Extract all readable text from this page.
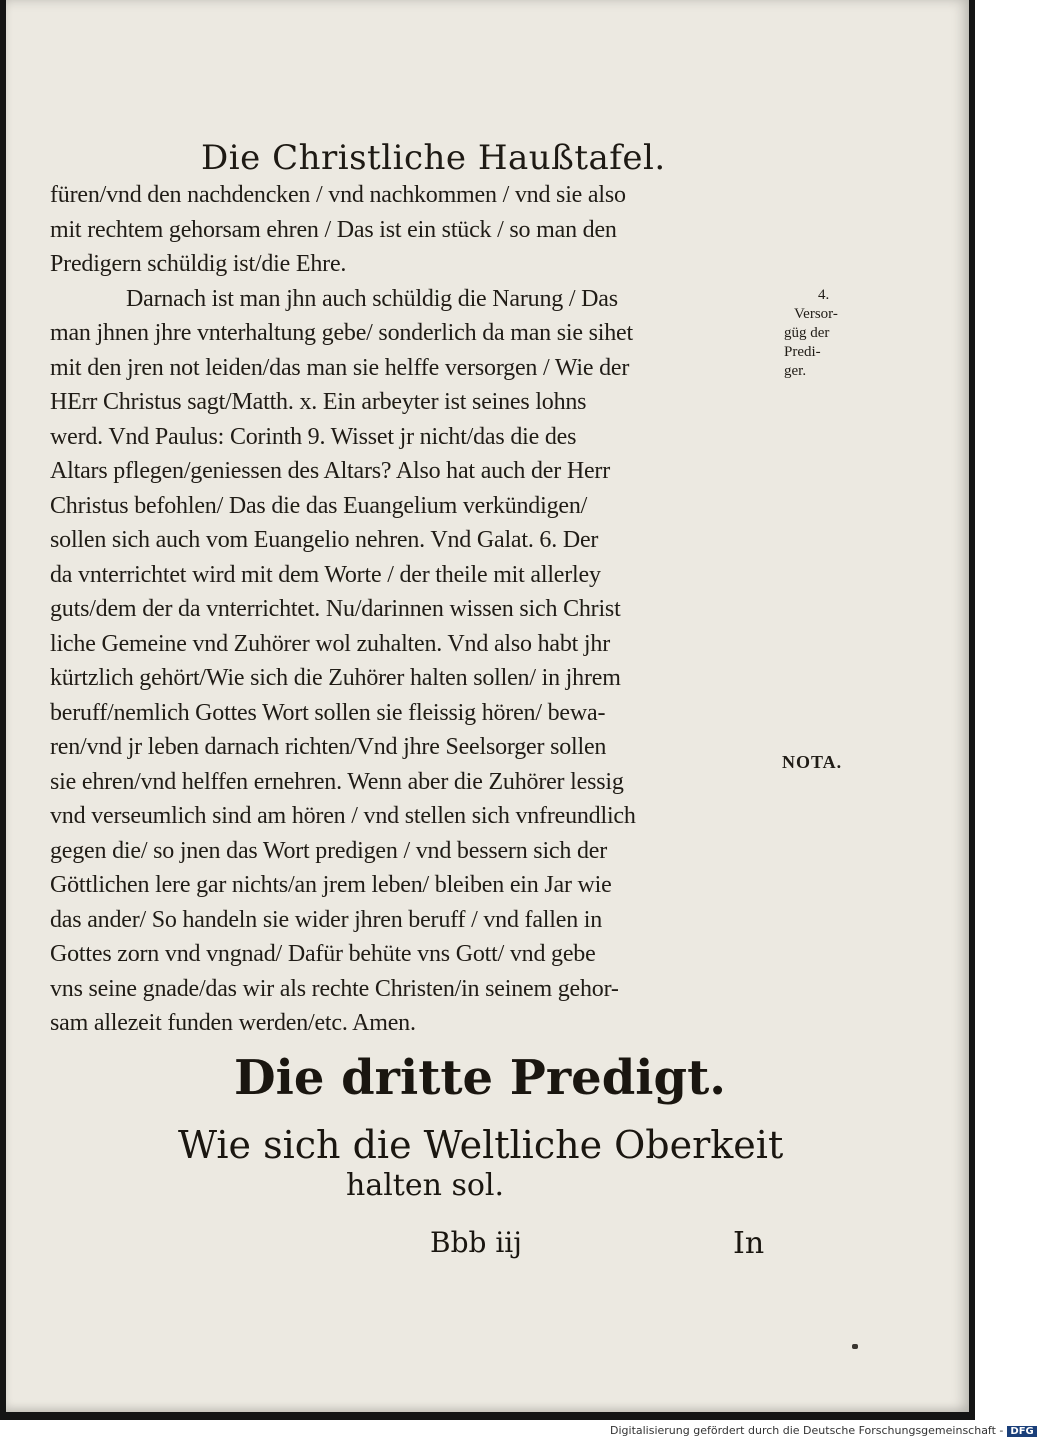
Die Christliche Haußtafel.
füren/vnd den nachdencken / vnd nachkommen / vnd sie also
mit rechtem gehorsam ehren / Das ist ein stück / so man den
Predigern schüldig ist/die Ehre.
Darnach ist man jhn auch schüldig die Narung / Das
man jhnen jhre vnterhaltung gebe/ sonderlich da man sie sihet
mit den jren not leiden/das man sie helffe versorgen / Wie der
HErr Christus sagt/Matth. x. Ein arbeyter ist seines lohns
werd. Vnd Paulus: Corinth 9. Wisset jr nicht/das die des
Altars pflegen/geniessen des Altars? Also hat auch der Herr
Christus befohlen/ Das die das Euangelium verkündigen/
sollen sich auch vom Euangelio nehren. Vnd Galat. 6. Der
da vnterrichtet wird mit dem Worte / der theile mit allerley
guts/dem der da vnterrichtet. Nu/darinnen wissen sich Christ
liche Gemeine vnd Zuhörer wol zuhalten. Vnd also habt jhr
kürtzlich gehört/Wie sich die Zuhörer halten sollen/ in jhrem
beruff/nemlich Gottes Wort sollen sie fleissig hören/ bewa-
ren/vnd jr leben darnach richten/Vnd jhre Seelsorger sollen
sie ehren/vnd helffen ernehren. Wenn aber die Zuhörer lessig
vnd verseumlich sind am hören / vnd stellen sich vnfreundlich
gegen die/ so jnen das Wort predigen / vnd bessern sich der
Göttlichen lere gar nichts/an jrem leben/ bleiben ein Jar wie
das ander/ So handeln sie wider jhren beruff / vnd fallen in
Gottes zorn vnd vngnad/ Dafür behüte vns Gott/ vnd gebe
vns seine gnade/das wir als rechte Christen/in seinem gehor-
sam allezeit funden werden/etc. Amen.
4.
Versor-
güg der
Predi-
ger.
NOTA.
Die dritte Predigt.
Wie sich die Weltliche Oberkeit
halten sol.
Bbb iij	In
Digitalisierung gefördert durch die Deutsche Forschungsgemeinschaft - DFG
